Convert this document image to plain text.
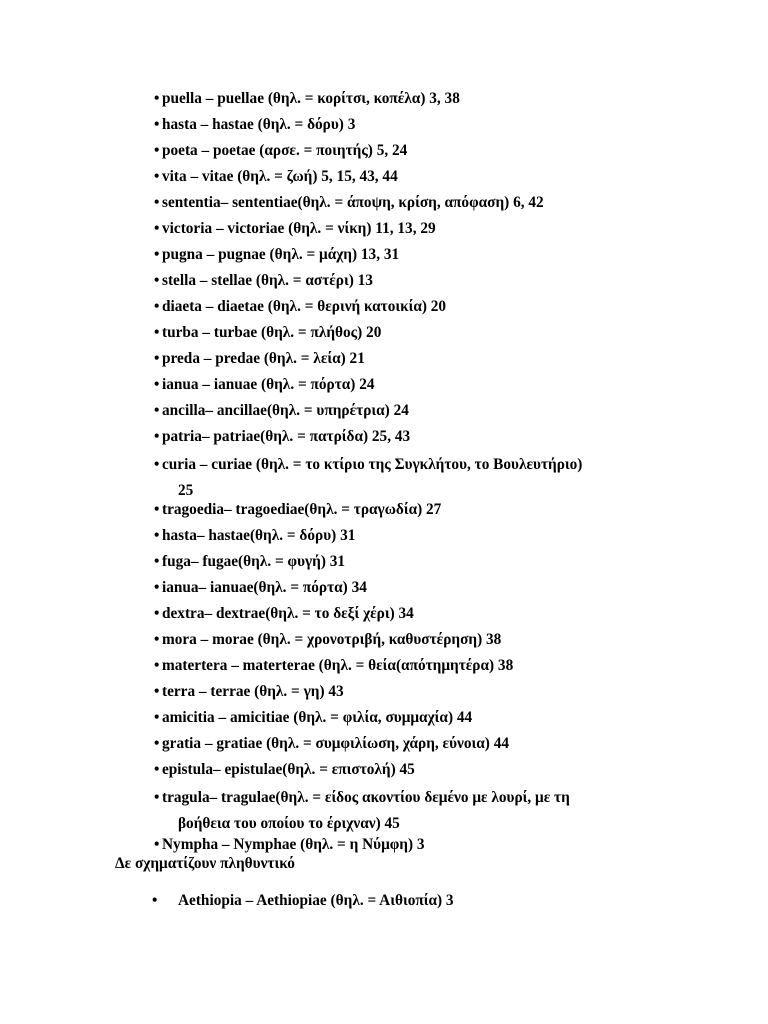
• puella – puellae (θηλ. = κορίτσι, κοπέλα) 3, 38
• hasta – hastae (θηλ. = δόρυ) 3
• poeta – poetae (αρσε. = ποιητής) 5, 24
• vita – vitae (θηλ. = ζωή) 5, 15, 43, 44
• sententia– sententiae(θηλ. = άποψη, κρίση, απόφαση) 6, 42
• victoria – victoriae (θηλ. = νίκη) 11, 13, 29
• pugna – pugnae (θηλ. = μάχη) 13, 31
• stella – stellae (θηλ. = αστέρι) 13
• diaeta – diaetae (θηλ. = θερινή κατοικία) 20
• turba – turbae (θηλ. = πλήθος) 20
• preda – predae (θηλ. = λεία) 21
• ianua – ianuae (θηλ. = πόρτα) 24
• ancilla– ancillae(θηλ. = υπηρέτρια) 24
• patria– patriae(θηλ. = πατρίδα) 25, 43
• curia – curiae (θηλ. = το κτίριο της Συγκλήτου, το Βουλευτήριο)
25
• tragoedia– tragoediae(θηλ. = τραγωδία) 27
• hasta– hastae(θηλ. = δόρυ) 31
• fuga– fugae(θηλ. = φυγή) 31
• ianua– ianuae(θηλ. = πόρτα) 34
• dextra– dextrae(θηλ. = το δεξί χέρι) 34
• mora – morae (θηλ. = χρονοτριβή, καθυστέρηση) 38
• matertera – materterae (θηλ. = θεία(απότημητέρα) 38
• terra – terrae (θηλ. = γη) 43
• amicitia – amicitiae (θηλ. = φιλία, συμμαχία) 44
• gratia – gratiae (θηλ. = συμφιλίωση, χάρη, εύνοια) 44
• epistula– epistulae(θηλ. = επιστολή) 45
• tragula– tragulae(θηλ. = είδος ακοντίου δεμένο με λουρί, με τη
βοήθεια του οποίου το έριχναν) 45
• Nympha – Nymphae (θηλ. = η Νύμφη) 3

Δε σχηματίζουν πληθυντικό

• Aethiopia – Aethiopiae (θηλ. = Αιθιοπία) 3
